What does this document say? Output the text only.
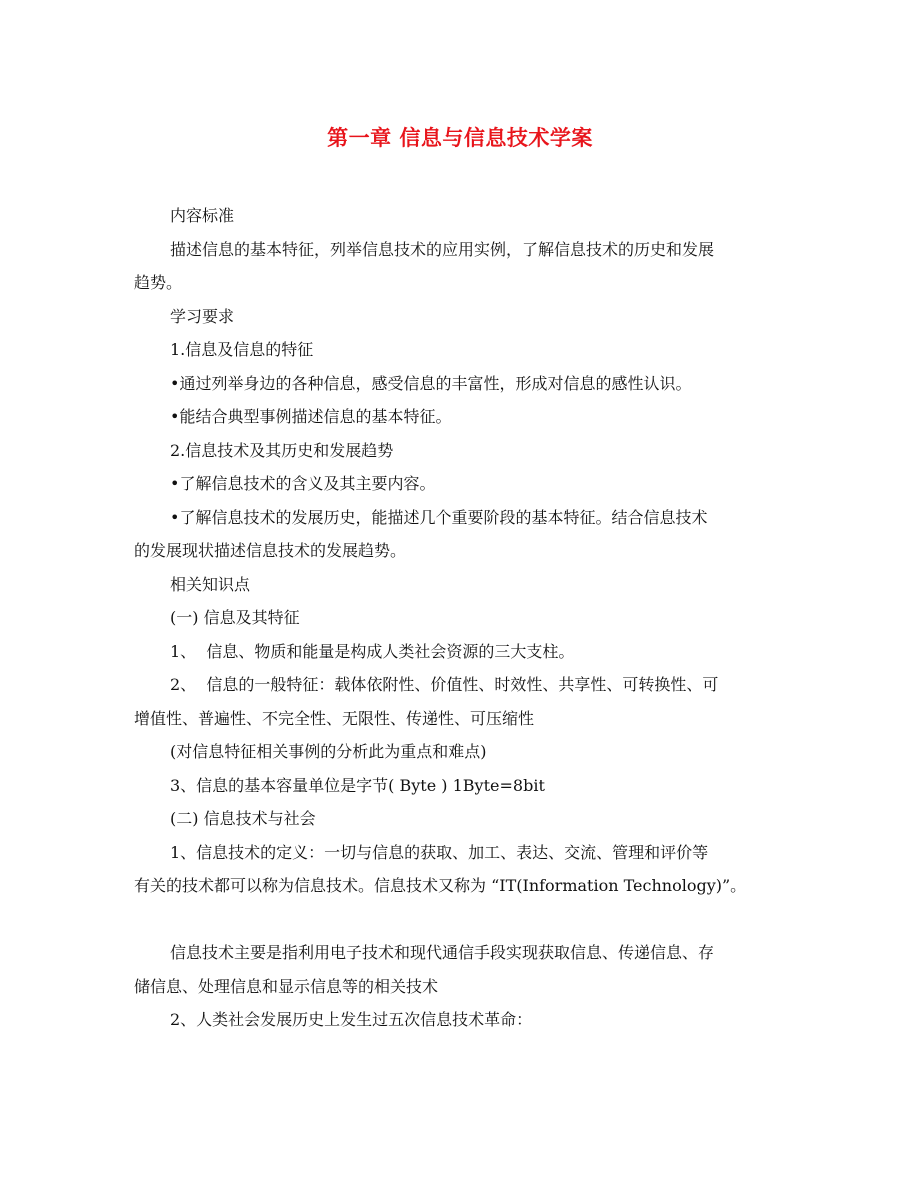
第一章 信息与信息技术学案
内容标准
描述信息的基本特征，列举信息技术的应用实例，了解信息技术的历史和发展
趋势。
学习要求
1.信息及信息的特征
•通过列举身边的各种信息，感受信息的丰富性，形成对信息的感性认识。
•能结合典型事例描述信息的基本特征。
2.信息技术及其历史和发展趋势
•了解信息技术的含义及其主要内容。
•了解信息技术的发展历史，能描述几个重要阶段的基本特征。结合信息技术
的发展现状描述信息技术的发展趋势。
相关知识点
(一) 信息及其特征
1、  信息、物质和能量是构成人类社会资源的三大支柱。
2、  信息的一般特征：载体依附性、价值性、时效性、共享性、可转换性、可
增值性、普遍性、不完全性、无限性、传递性、可压缩性
(对信息特征相关事例的分析此为重点和难点)
3、信息的基本容量单位是字节( Byte ) 1Byte=8bit
(二) 信息技术与社会
1、信息技术的定义：一切与信息的获取、加工、表达、交流、管理和评价等
有关的技术都可以称为信息技术。信息技术又称为 “IT(Information Technology)”。
信息技术主要是指利用电子技术和现代通信手段实现获取信息、传递信息、存
储信息、处理信息和显示信息等的相关技术
2、人类社会发展历史上发生过五次信息技术革命：
